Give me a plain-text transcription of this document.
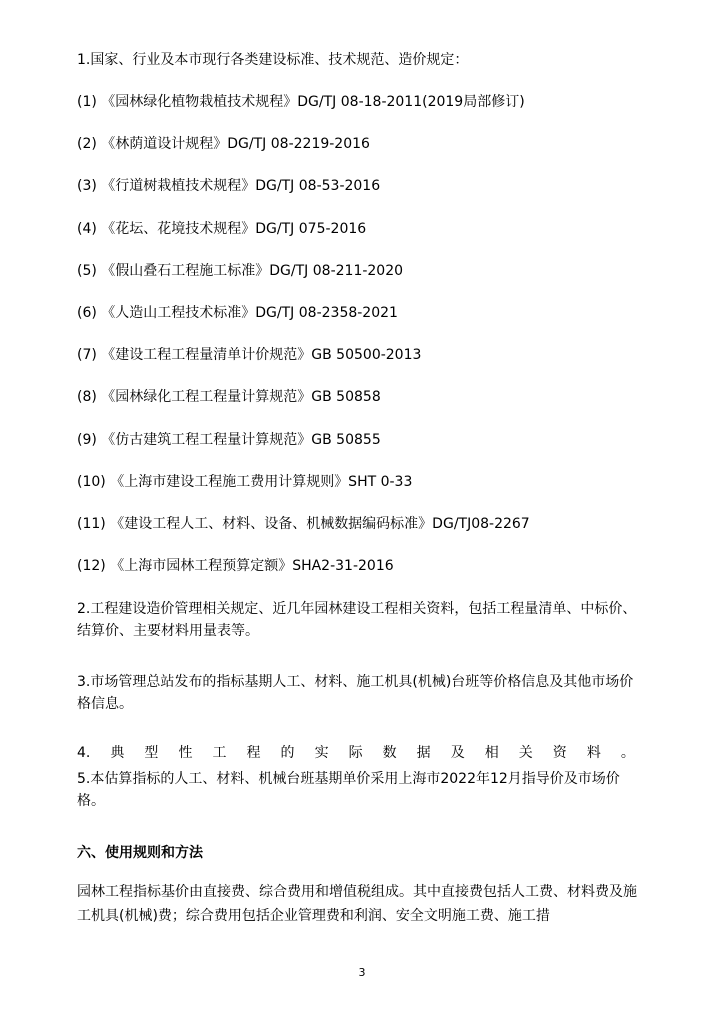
1.国家、行业及本市现行各类建设标准、技术规范、造价规定：
(1) 《园林绿化植物栽植技术规程》DG/TJ 08-18-2011(2019局部修订)
(2) 《林荫道设计规程》DG/TJ 08-2219-2016
(3) 《行道树栽植技术规程》DG/TJ 08-53-2016
(4) 《花坛、花境技术规程》DG/TJ 075-2016
(5) 《假山叠石工程施工标准》DG/TJ 08-211-2020
(6) 《人造山工程技术标准》DG/TJ 08-2358-2021
(7) 《建设工程工程量清单计价规范》GB 50500-2013
(8) 《园林绿化工程工程量计算规范》GB 50858
(9) 《仿古建筑工程工程量计算规范》GB 50855
(10) 《上海市建设工程施工费用计算规则》SHT 0-33
(11) 《建设工程人工、材料、设备、机械数据编码标准》DG/TJ08-2267
(12) 《上海市园林工程预算定额》SHA2-31-2016
2.工程建设造价管理相关规定、近几年园林建设工程相关资料，包括工程量清单、中标价、结算价、主要材料用量表等。
3.市场管理总站发布的指标基期人工、材料、施工机具(机械)台班等价格信息及其他市场价格信息。
4. 典 型 性 工 程 的 实 际 数 据 及 相 关 资 料 。
5.本估算指标的人工、材料、机械台班基期单价采用上海市2022年12月指导价及市场价格。
六、使用规则和方法
园林工程指标基价由直接费、综合费用和增值税组成。其中直接费包括人工费、材料费及施工机具(机械)费；综合费用包括企业管理费和利润、安全文明施工费、施工措
3
